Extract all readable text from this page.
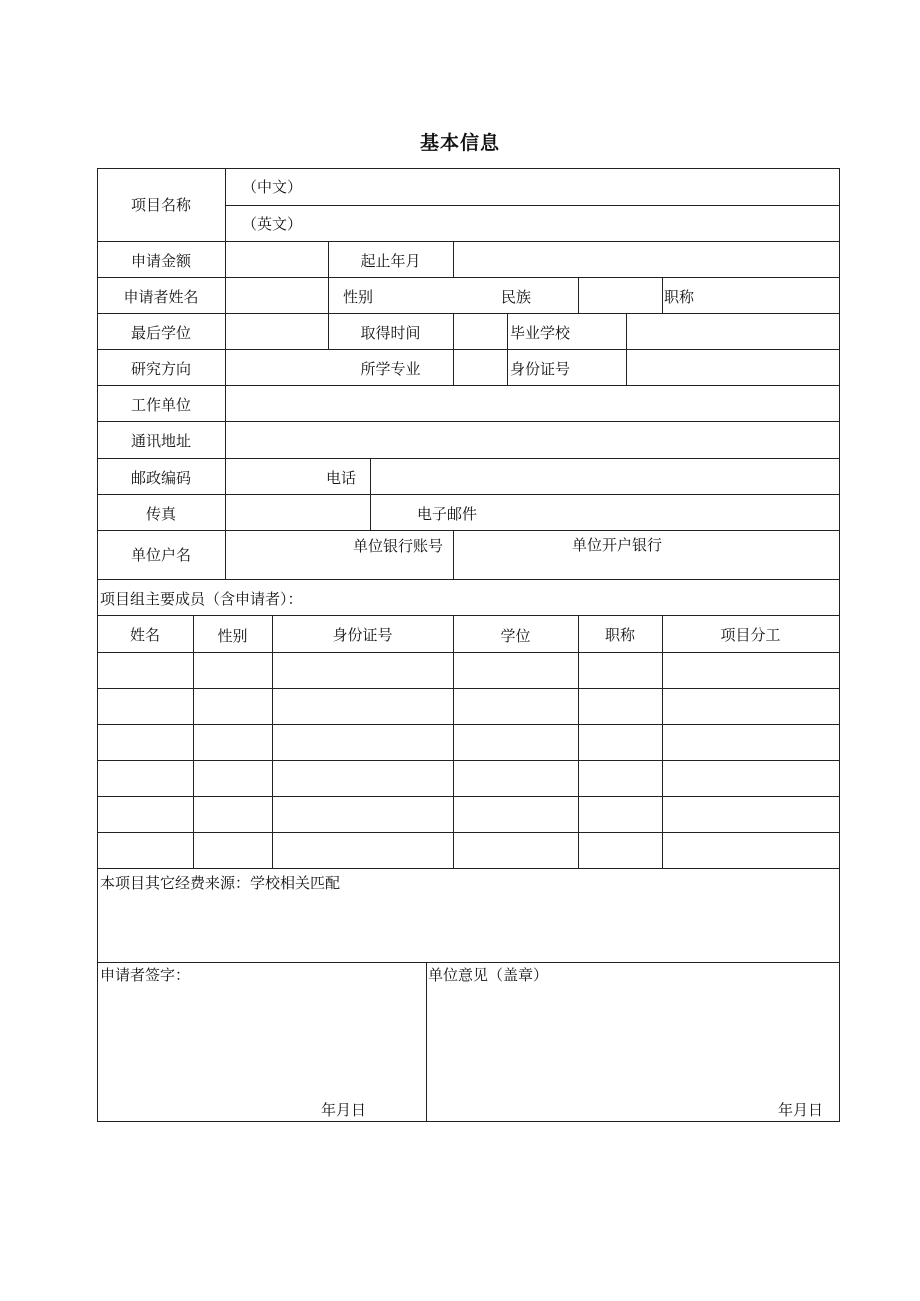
基本信息
项目名称
（中文）
（英文）
申请金额	起止年月
申请者姓名	性别	民族	职称
最后学位	取得时间	毕业学校
研究方向	所学专业	身份证号
工作单位
通讯地址
邮政编码	电话
传真	电子邮件
单位户名	单位银行账号	单位开户银行
项目组主要成员（含申请者）：
姓名	性别	身份证号	学位	职称	项目分工
本项目其它经费来源：学校相关匹配
申请者签字：
年月日
单位意见（盖章）
年月日
